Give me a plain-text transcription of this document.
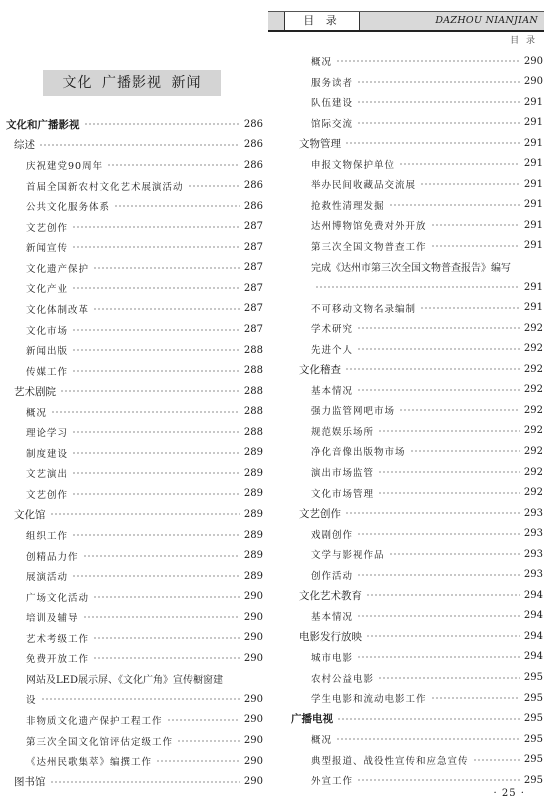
目 录	DAZHOU NIANJIAN
目 录
文化 广播影视 新闻
文化和广播影视	286
综述	286
庆祝建党90周年	286
首届全国新农村文化艺术展演活动	286
公共文化服务体系	286
文艺创作	287
新闻宣传	287
文化遗产保护	287
文化产业	287
文化体制改革	287
文化市场	287
新闻出版	288
传媒工作	288
艺术剧院	288
概况	288
理论学习	288
制度建设	289
文艺演出	289
文艺创作	289
文化馆	289
组织工作	289
创精品力作	289
展演活动	289
广场文化活动	290
培训及辅导	290
艺术考级工作	290
免费开放工作	290
网站及LED展示屏、《文化广角》宣传橱窗建
设	290
非物质文化遗产保护工程工作	290
第三次全国文化馆评估定级工作	290
《达州民歌集萃》编撰工作	290
图书馆	290
概况	290
服务读者	290
队伍建设	291
馆际交流	291
文物管理	291
申报文物保护单位	291
举办民间收藏品交流展	291
抢救性清理发掘	291
达州博物馆免费对外开放	291
第三次全国文物普查工作	291
完成《达州市第三次全国文物普查报告》编写
291
不可移动文物名录编制	291
学术研究	292
先进个人	292
文化稽查	292
基本情况	292
强力监管网吧市场	292
规范娱乐场所	292
净化音像出版物市场	292
演出市场监管	292
文化市场管理	292
文艺创作	293
戏剧创作	293
文学与影视作品	293
创作活动	293
文化艺术教育	294
基本情况	294
电影发行放映	294
城市电影	294
农村公益电影	295
学生电影和流动电影工作	295
广播电视	295
概况	295
典型报道、战役性宣传和应急宣传	295
外宣工作	295
· 25 ·
